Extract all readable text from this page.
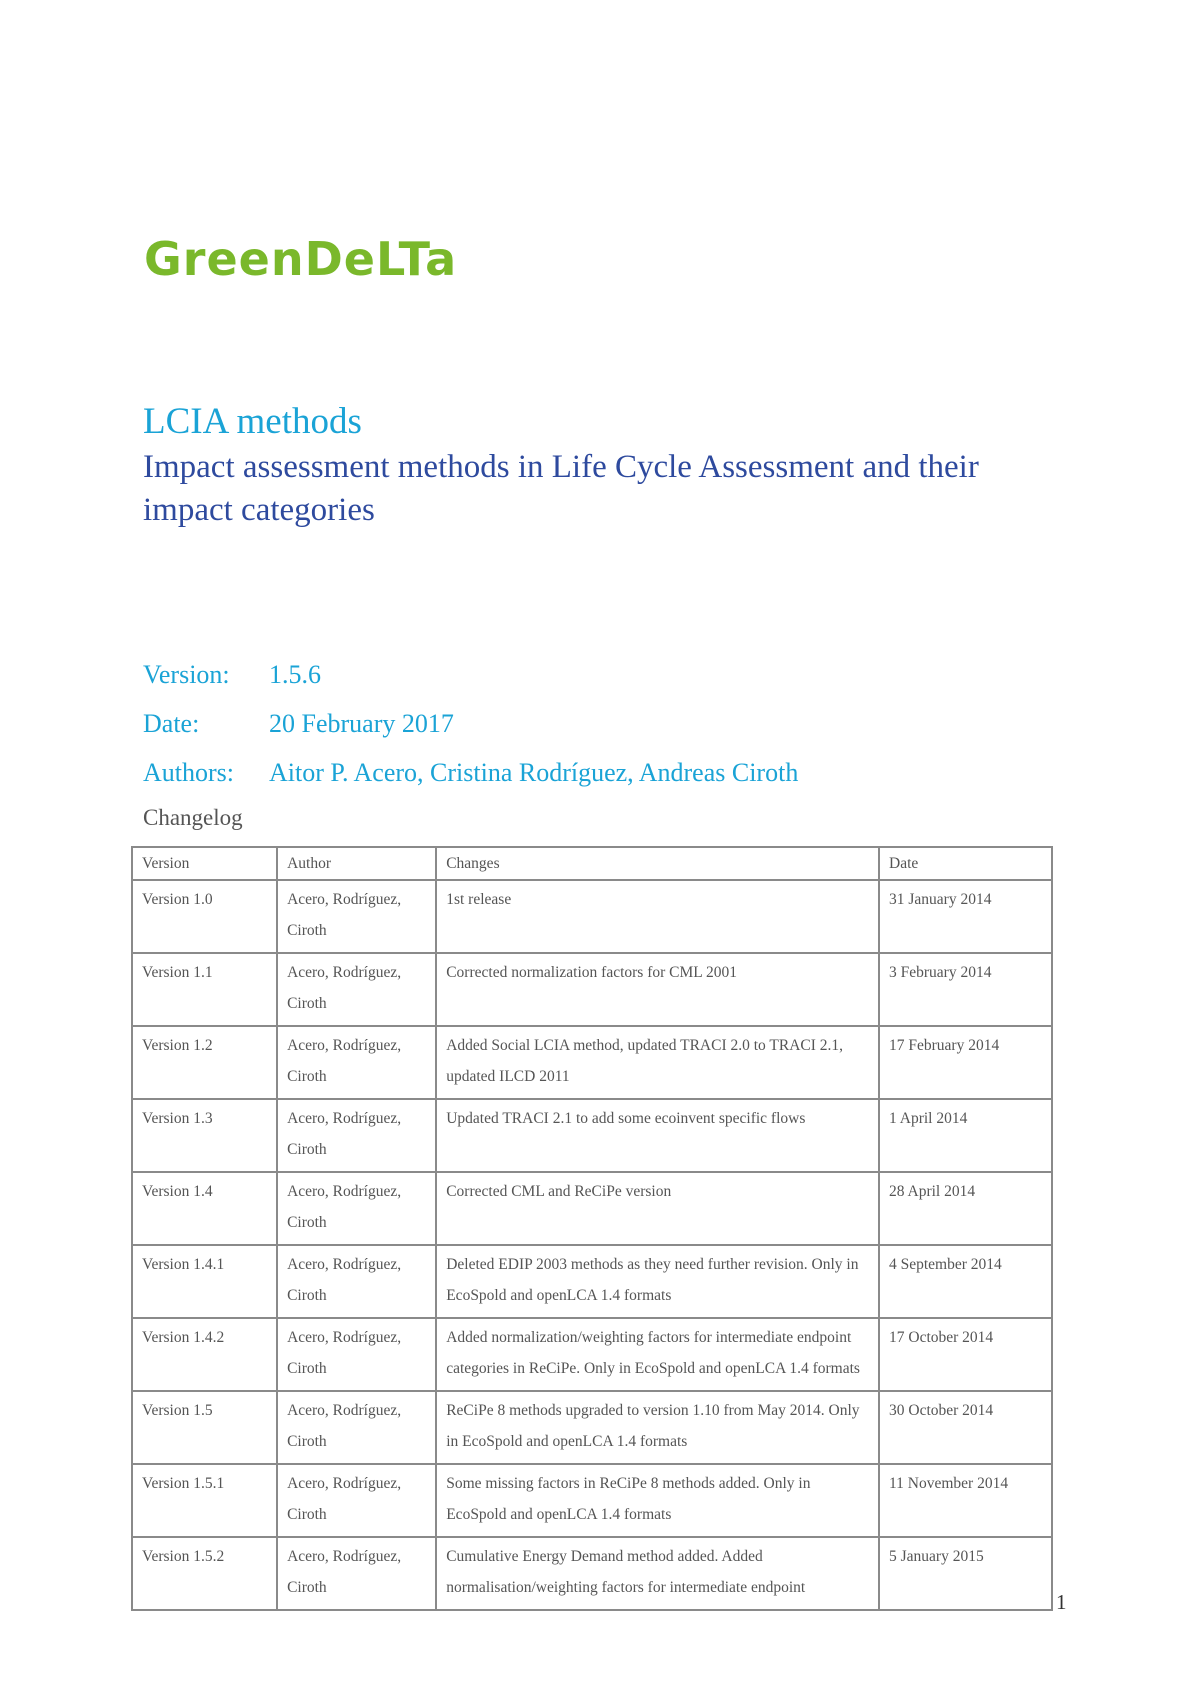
GreenDeLTa
LCIA methods
Impact assessment methods in Life Cycle Assessment and their impact categories
Version: 1.5.6
Date:	20 February 2017
Authors: Aitor P. Acero, Cristina Rodríguez, Andreas Ciroth
Changelog
Version	Author	Changes	Date
Version 1.0	Acero, Rodríguez, Ciroth	1st release	31 January 2014
Version 1.1	Acero, Rodríguez, Ciroth	Corrected normalization factors for CML 2001	3 February 2014
Version 1.2	Acero, Rodríguez, Ciroth	Added Social LCIA method, updated TRACI 2.0 to TRACI 2.1, updated ILCD 2011	17 February 2014
Version 1.3	Acero, Rodríguez, Ciroth	Updated TRACI 2.1 to add some ecoinvent specific flows	1 April 2014
Version 1.4	Acero, Rodríguez, Ciroth	Corrected CML and ReCiPe version	28 April 2014
Version 1.4.1	Acero, Rodríguez, Ciroth	Deleted EDIP 2003 methods as they need further revision. Only in EcoSpold and openLCA 1.4 formats	4 September 2014
Version 1.4.2	Acero, Rodríguez, Ciroth	Added normalization/weighting factors for intermediate endpoint categories in ReCiPe. Only in EcoSpold and openLCA 1.4 formats	17 October 2014
Version 1.5	Acero, Rodríguez, Ciroth	ReCiPe 8 methods upgraded to version 1.10 from May 2014. Only in EcoSpold and openLCA 1.4 formats	30 October 2014
Version 1.5.1	Acero, Rodríguez, Ciroth	Some missing factors in ReCiPe 8 methods added. Only in EcoSpold and openLCA 1.4 formats	11 November 2014
Version 1.5.2	Acero, Rodríguez, Ciroth	Cumulative Energy Demand method added. Added normalisation/weighting factors for intermediate endpoint	5 January 2015
1
